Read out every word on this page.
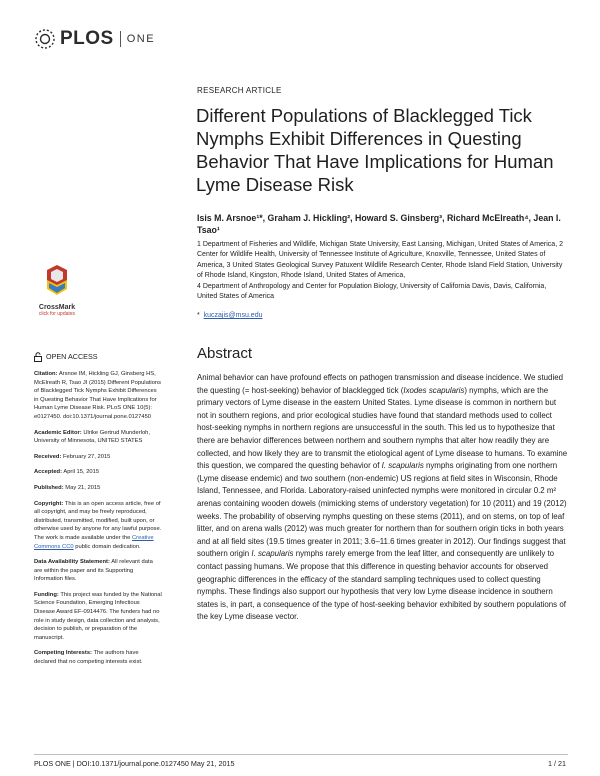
PLOS ONE
CrossMark
click for updates
RESEARCH ARTICLE
Different Populations of Blacklegged Tick Nymphs Exhibit Differences in Questing Behavior That Have Implications for Human Lyme Disease Risk
Isis M. Arsnoe¹*, Graham J. Hickling², Howard S. Ginsberg³, Richard McElreath⁴, Jean I. Tsao¹

1 Department of Fisheries and Wildlife, Michigan State University, East Lansing, Michigan, United States of America, 2 Center for Wildlife Health, University of Tennessee Institute of Agriculture, Knoxville, Tennessee, United States of America, 3 United States Geological Survey Patuxent Wildlife Research Center, Rhode Island Field Station, University of Rhode Island, Kingston, Rhode Island, United States of America,

4 Department of Anthropology and Center for Population Biology, University of California Davis, Davis, California, United States of America

* kuczajis@msu.edu
OPEN ACCESS
Citation: Arsnoe IM, Hickling GJ, Ginsberg HS, McElreath R, Tsao JI (2015) Different Populations of Blacklegged Tick Nymphs Exhibit Differences in Questing Behavior That Have Implications for Human Lyme Disease Risk. PLoS ONE 10(5): e0127450. doi:10.1371/journal.pone.0127450
Academic Editor: Ulrike Gertrud Munderloh, University of Minnesota, UNITED STATES
Received: February 27, 2015
Accepted: April 15, 2015
Published: May 21, 2015
Copyright: This is an open access article, free of all copyright, and may be freely reproduced, distributed, transmitted, modified, built upon, or otherwise used by anyone for any lawful purpose. The work is made available under the Creative Commons CC0 public domain dedication.
Data Availability Statement: All relevant data are within the paper and its Supporting Information files.
Funding: This project was funded by the National Science Foundation, Emerging Infectious Disease Award EF-0914476. The funders had no role in study design, data collection and analysis, decision to publish, or preparation of the manuscript.
Competing Interests: The authors have declared that no competing interests exist.
Abstract
Animal behavior can have profound effects on pathogen transmission and disease incidence. We studied the questing (= host-seeking) behavior of blacklegged tick (Ixodes scapularis) nymphs, which are the primary vectors of Lyme disease in the eastern United States. Lyme disease is common in northern but not in southern regions, and prior ecological studies have found that standard methods used to collect host-seeking nymphs in northern regions are unsuccessful in the south. This led us to hypothesize that there are behavior differences between northern and southern nymphs that alter how readily they are collected, and how likely they are to transmit the etiological agent of Lyme disease to humans. To examine this question, we compared the questing behavior of I. scapularis nymphs originating from one northern (Lyme disease endemic) and two southern (non-endemic) US regions at field sites in Wisconsin, Rhode Island, Tennessee, and Florida. Laboratory-raised uninfected nymphs were monitored in circular 0.2 m² arenas containing wooden dowels (mimicking stems of understory vegetation) for 10 (2011) and 19 (2012) weeks. The probability of observing nymphs questing on these stems (2011), and on stems, on top of leaf litter, and on arena walls (2012) was much greater for northern than for southern origin ticks in both years and at all field sites (19.5 times greater in 2011; 3.6–11.6 times greater in 2012). Our findings suggest that southern origin I. scapularis nymphs rarely emerge from the leaf litter, and consequently are unlikely to contact passing humans. We propose that this difference in questing behavior accounts for observed geographic differences in the efficacy of the standard sampling techniques used to collect questing nymphs. These findings also support our hypothesis that very low Lyme disease incidence in southern states is, in part, a consequence of the type of host-seeking behavior exhibited by southern populations of the key Lyme disease vector.
PLOS ONE | DOI:10.1371/journal.pone.0127450 May 21, 2015	1 / 21
